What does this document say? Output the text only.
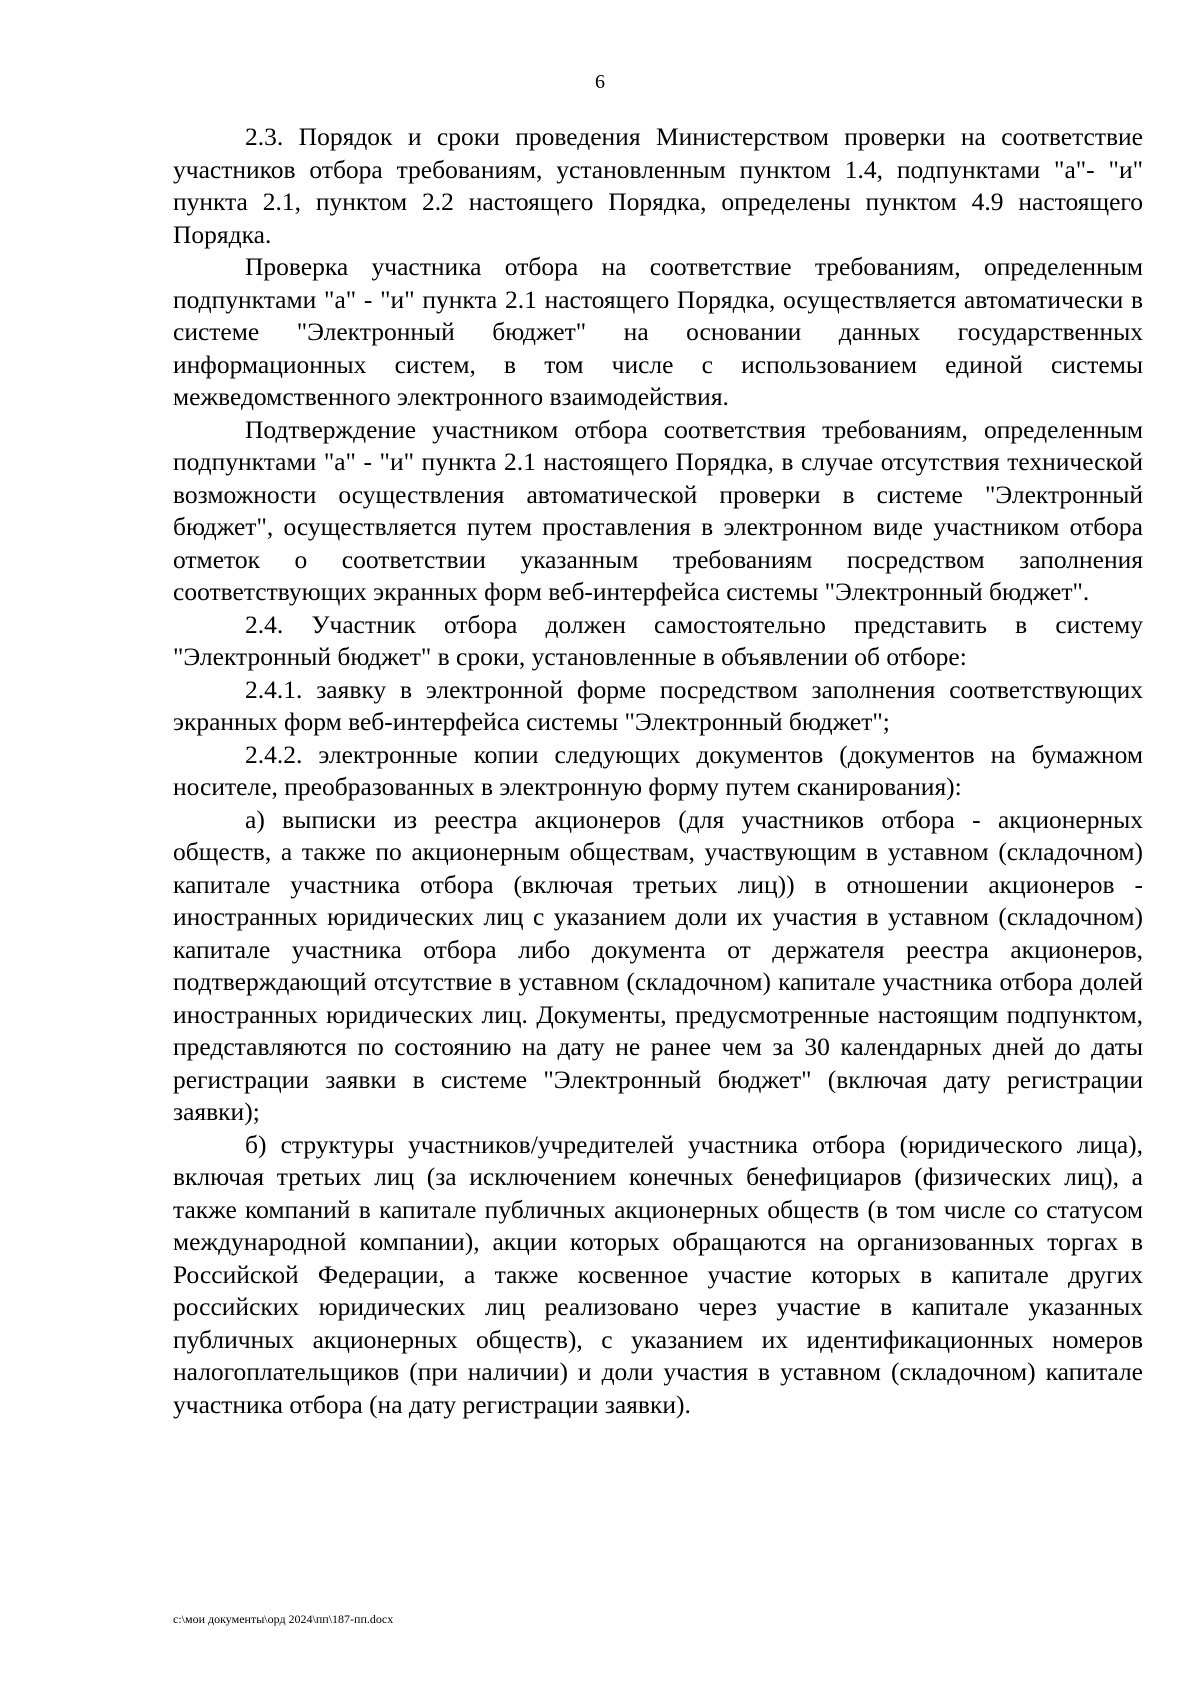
6

2.3. Порядок и сроки проведения Министерством проверки на соответствие участников отбора требованиям, установленным пунктом 1.4, подпунктами "а"- "и" пункта 2.1, пунктом 2.2 настоящего Порядка, определены пунктом 4.9 настоящего Порядка.

Проверка участника отбора на соответствие требованиям, определенным подпунктами "а" - "и" пункта 2.1 настоящего Порядка, осуществляется автоматически в системе "Электронный бюджет" на основании данных государственных информационных систем, в том числе с использованием единой системы межведомственного электронного взаимодействия.

Подтверждение участником отбора соответствия требованиям, определенным подпунктами "а" - "и" пункта 2.1 настоящего Порядка, в случае отсутствия технической возможности осуществления автоматической проверки в системе "Электронный бюджет", осуществляется путем проставления в электронном виде участником отбора отметок о соответствии указанным требованиям посредством заполнения соответствующих экранных форм веб-интерфейса системы "Электронный бюджет".

2.4. Участник отбора должен самостоятельно представить в систему "Электронный бюджет" в сроки, установленные в объявлении об отборе:

2.4.1. заявку в электронной форме посредством заполнения соответствующих экранных форм веб-интерфейса системы "Электронный бюджет";

2.4.2. электронные копии следующих документов (документов на бумажном носителе, преобразованных в электронную форму путем сканирования):

а) выписки из реестра акционеров (для участников отбора - акционерных обществ, а также по акционерным обществам, участвующим в уставном (складочном) капитале участника отбора (включая третьих лиц)) в отношении акционеров - иностранных юридических лиц с указанием доли их участия в уставном (складочном) капитале участника отбора либо документа от держателя реестра акционеров, подтверждающий отсутствие в уставном (складочном) капитале участника отбора долей иностранных юридических лиц. Документы, предусмотренные настоящим подпунктом, представляются по состоянию на дату не ранее чем за 30 календарных дней до даты регистрации заявки в системе "Электронный бюджет" (включая дату регистрации заявки);

б) структуры участников/учредителей участника отбора (юридического лица), включая третьих лиц (за исключением конечных бенефициаров (физических лиц), а также компаний в капитале публичных акционерных обществ (в том числе со статусом международной компании), акции которых обращаются на организованных торгах в Российской Федерации, а также косвенное участие которых в капитале других российских юридических лиц реализовано через участие в капитале указанных публичных акционерных обществ), с указанием их идентификационных номеров налогоплательщиков (при наличии) и доли участия в уставном (складочном) капитале участника отбора (на дату регистрации заявки).

c:\мои документы\орд 2024\пп\187-пп.docx
